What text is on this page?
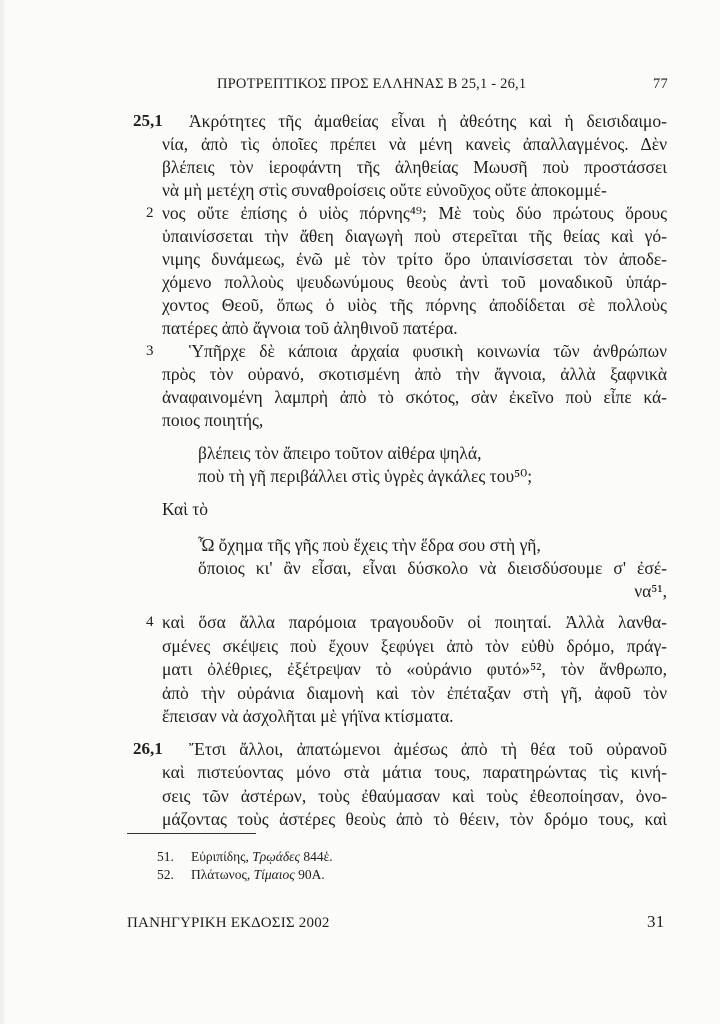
ΠΡΟΤΡΕΠΤΙΚΟΣ ΠΡΟΣ ΕΛΛΗΝΑΣ Β 25,1 - 26,1	77
25,1 Ἀκρότητες τῆς ἀμαθείας εἶναι ἡ ἀθεότης καὶ ἡ δεισιδαιμο-
νία, ἀπὸ τὶς ὁποῖες πρέπει νὰ μένη κανεὶς ἀπαλλαγμένος. Δὲν
βλέπεις τὸν ἱεροφάντη τῆς ἀληθείας Μωυσῆ ποὺ προστάσσει
νὰ μὴ μετέχη στὶς συναθροίσεις οὔτε εὐνοῦχος οὔτε ἀποκομμέ-
2 νος οὔτε ἐπίσης ὁ υἱὸς πόρνης⁴⁹; Μὲ τοὺς δύο πρώτους ὅρους
ὑπαινίσσεται τὴν ἄθεη διαγωγὴ ποὺ στερεῖται τῆς θείας καὶ γό-
νιμης δυνάμεως, ἐνῶ μὲ τὸν τρίτο ὅρο ὑπαινίσσεται τὸν ἀποδε-
χόμενο πολλοὺς ψευδωνύμους θεοὺς ἀντὶ τοῦ μοναδικοῦ ὑπάρ-
χοντος Θεοῦ, ὅπως ὁ υἱὸς τῆς πόρνης ἀποδίδεται σὲ πολλοὺς
πατέρες ἀπὸ ἄγνοια τοῦ ἀληθινοῦ πατέρα.
3 Ὑπῆρχε δὲ κάποια ἀρχαία φυσικὴ κοινωνία τῶν ἀνθρώπων
πρὸς τὸν οὐρανό, σκοτισμένη ἀπὸ τὴν ἄγνοια, ἀλλὰ ξαφνικὰ
ἀναφαινομένη λαμπρὴ ἀπὸ τὸ σκότος, σὰν ἐκεῖνο ποὺ εἶπε κά-
ποιος ποιητής,
βλέπεις τὸν ἄπειρο τοῦτον αἰθέρα ψηλά,
ποὺ τὴ γῆ περιβάλλει στὶς ὑγρὲς ἀγκάλες του⁵⁰;
Καὶ τὸ
Ὦ ὄχημα τῆς γῆς ποὺ ἔχεις τὴν ἕδρα σου στὴ γῆ,
ὅποιος κι' ἂν εἶσαι, εἶναι δύσκολο νὰ διεισδύσουμε σ' ἐσέ-
να⁵¹,
4 καὶ ὅσα ἄλλα παρόμοια τραγουδοῦν οἱ ποιηταί. Ἀλλὰ λανθα-
σμένες σκέψεις ποὺ ἔχουν ξεφύγει ἀπὸ τὸν εὐθὺ δρόμο, πράγ-
ματι ὀλέθριες, ἐξέτρεψαν τὸ «οὐράνιο φυτό»⁵², τὸν ἄνθρωπο,
ἀπὸ τὴν οὐράνια διαμονὴ καὶ τὸν ἐπέταξαν στὴ γῆ, ἀφοῦ τὸν
ἔπεισαν νὰ ἀσχολῆται μὲ γήϊνα κτίσματα.
26,1 Ἔτσι ἄλλοι, ἀπατώμενοι ἀμέσως ἀπὸ τὴ θέα τοῦ οὐρανοῦ
καὶ πιστεύοντας μόνο στὰ μάτια τους, παρατηρώντας τὶς κινή-
σεις τῶν ἀστέρων, τοὺς ἐθαύμασαν καὶ τοὺς ἐθεοποίησαν, ὀνο-
μάζοντας τοὺς ἀστέρες θεοὺς ἀπὸ τὸ θέειν, τὸν δρόμο τους, καὶ
51. Εὐριπίδης, Τρῳάδες 844ἑ.
52. Πλάτωνος, Τίμαιος 90Α.
ΠΑΝΗΓΥΡΙΚΗ ΕΚΔΟΣΙΣ 2002	31
